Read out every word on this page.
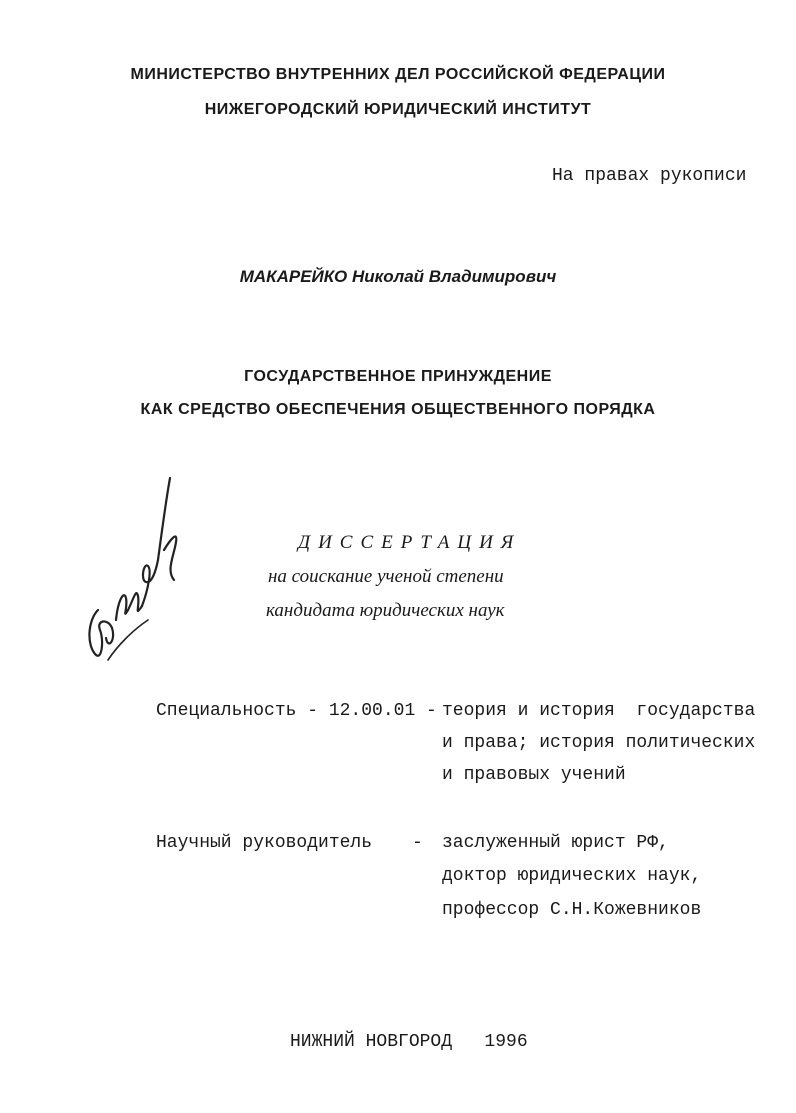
МИНИСТЕРСТВО ВНУТРЕННИХ ДЕЛ РОССИЙСКОЙ ФЕДЕРАЦИИ
НИЖЕГОРОДСКИЙ ЮРИДИЧЕСКИЙ ИНСТИТУТ
На правах рукописи
МАКАРЕЙКО Николай Владимирович
ГОСУДАРСТВЕННОЕ ПРИНУЖДЕНИЕ
КАК СРЕДСТВО ОБЕСПЕЧЕНИЯ ОБЩЕСТВЕННОГО ПОРЯДКА
ДИССЕРТАЦИЯ
на соискание ученой степени
кандидата юридических наук
Специальность - 12.00.01 - теория и история  государства
и права; история политических
и правовых учений
Научный руководитель - заслуженный юрист РФ,
доктор юридических наук,
профессор С.Н.Кожевников
НИЖНИЙ НОВГОРОД   1996
